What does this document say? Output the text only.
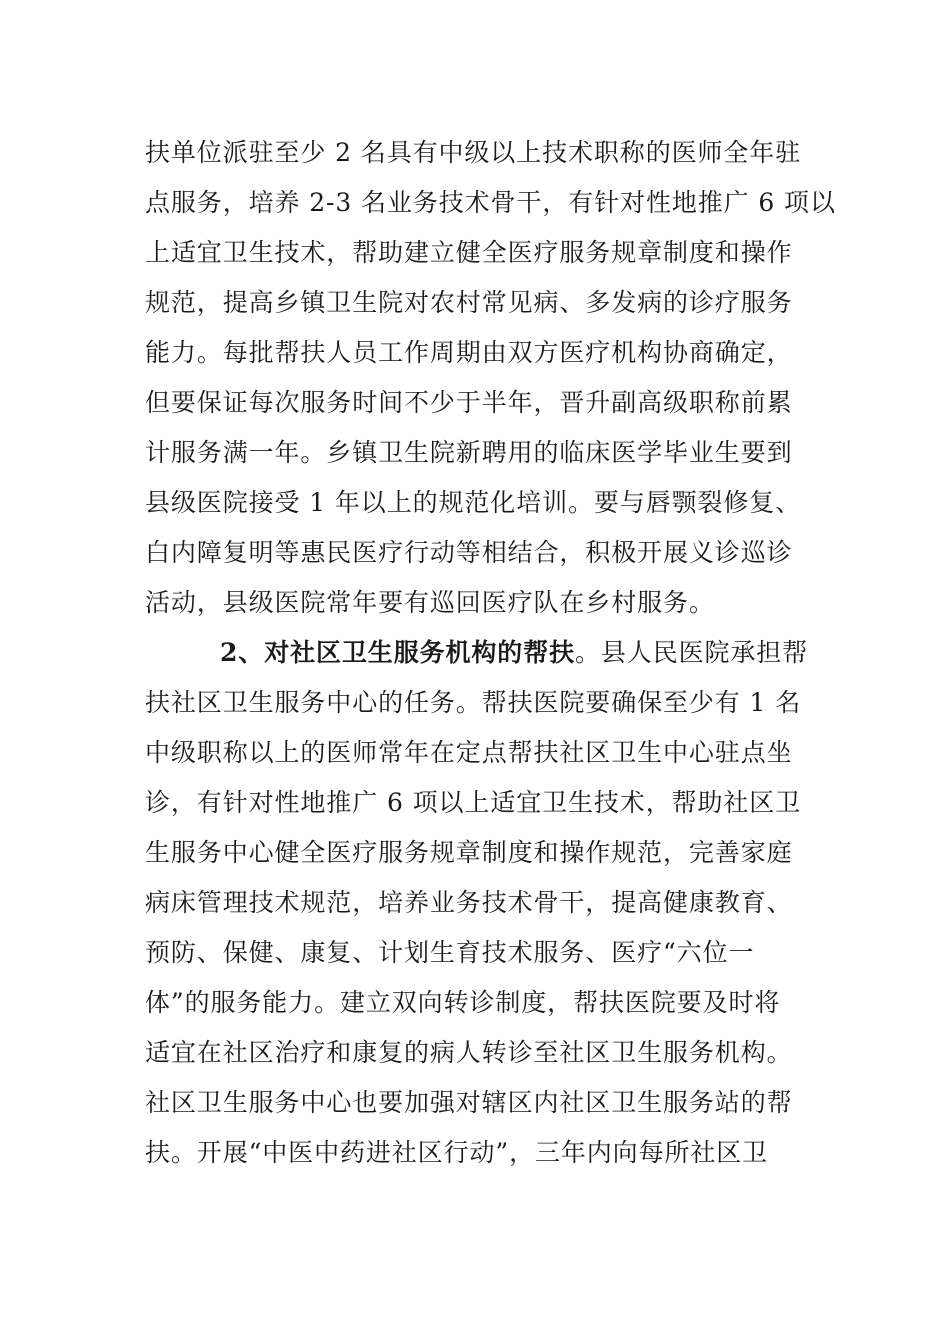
扶单位派驻至少 2 名具有中级以上技术职称的医师全年驻
点服务，培养 2-3 名业务技术骨干，有针对性地推广 6 项以
上适宜卫生技术，帮助建立健全医疗服务规章制度和操作
规范，提高乡镇卫生院对农村常见病、多发病的诊疗服务
能力。每批帮扶人员工作周期由双方医疗机构协商确定，
但要保证每次服务时间不少于半年，晋升副高级职称前累
计服务满一年。乡镇卫生院新聘用的临床医学毕业生要到
县级医院接受 1 年以上的规范化培训。要与唇颚裂修复、
白内障复明等惠民医疗行动等相结合，积极开展义诊巡诊
活动，县级医院常年要有巡回医疗队在乡村服务。
2、对社区卫生服务机构的帮扶。县人民医院承担帮
扶社区卫生服务中心的任务。帮扶医院要确保至少有 1 名
中级职称以上的医师常年在定点帮扶社区卫生中心驻点坐
诊，有针对性地推广 6 项以上适宜卫生技术，帮助社区卫
生服务中心健全医疗服务规章制度和操作规范，完善家庭
病床管理技术规范，培养业务技术骨干，提高健康教育、
预防、保健、康复、计划生育技术服务、医疗“六位一
体”的服务能力。建立双向转诊制度，帮扶医院要及时将
适宜在社区治疗和康复的病人转诊至社区卫生服务机构。
社区卫生服务中心也要加强对辖区内社区卫生服务站的帮
扶。开展“中医中药进社区行动”，三年内向每所社区卫
